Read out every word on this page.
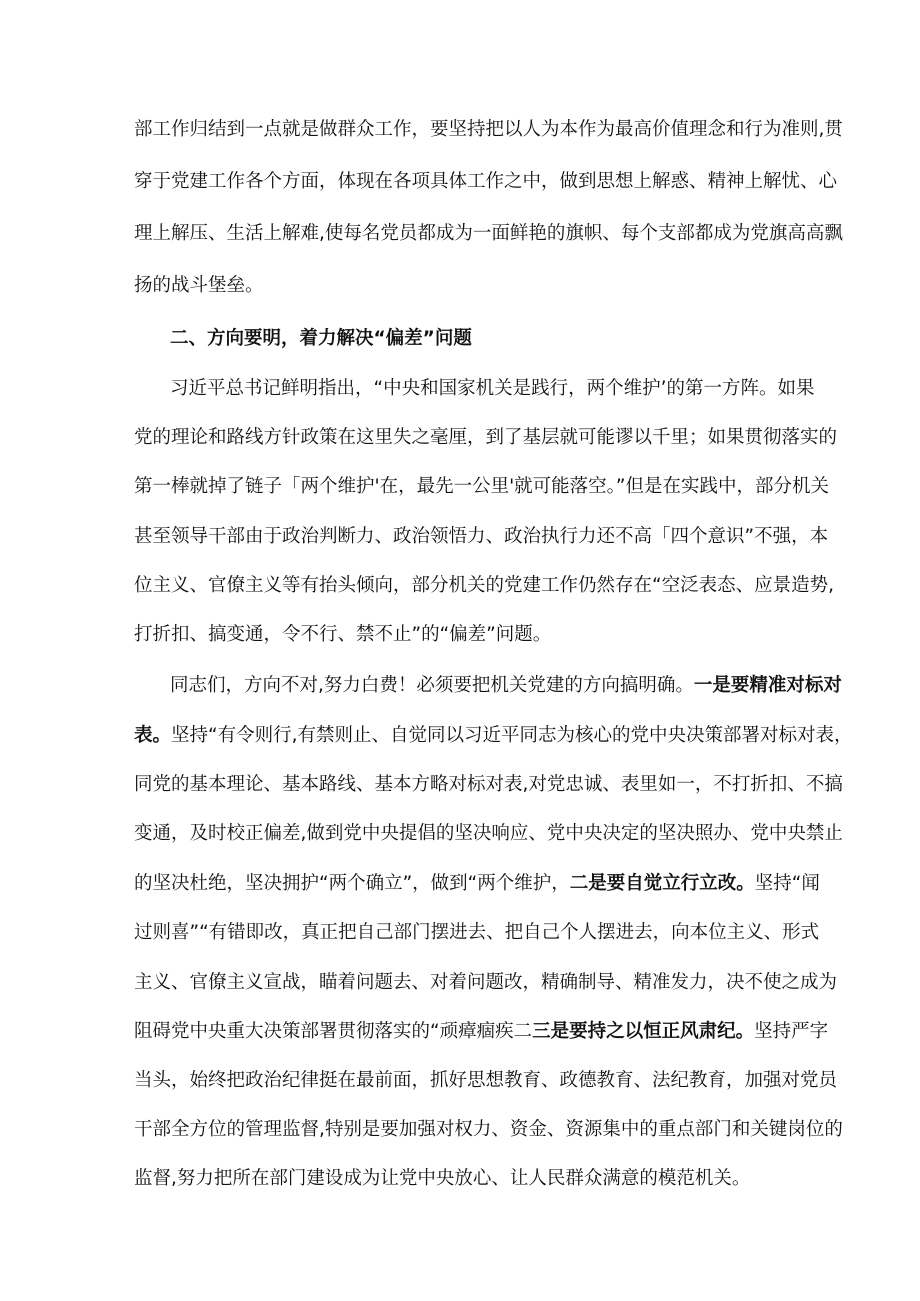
部工作归结到一点就是做群众工作，要坚持把以人为本作为最高价值理念和行为准则,贯
穿于党建工作各个方面，体现在各项具体工作之中，做到思想上解惑、精神上解忧、心
理上解压、生活上解难,使每名党员都成为一面鲜艳的旗帜、每个支部都成为党旗高高飘
扬的战斗堡垒。
二、方向要明，着力解决“偏差”问题
习近平总书记鲜明指出，“中央和国家机关是践行，两个维护’的第一方阵。如果
党的理论和路线方针政策在这里失之毫厘，到了基层就可能谬以千里；如果贯彻落实的
第一棒就掉了链子「两个维护'在，最先一公里'就可能落空。”但是在实践中，部分机关
甚至领导干部由于政治判断力、政治领悟力、政治执行力还不高「四个意识”不强，本
位主义、官僚主义等有抬头倾向，部分机关的党建工作仍然存在“空泛表态、应景造势,
打折扣、搞变通，令不行、禁不止”的“偏差”问题。
同志们，方向不对,努力白费！必须要把机关党建的方向搞明确。一是要精准对标对
表。坚持“有令则行,有禁则止、自觉同以习近平同志为核心的党中央决策部署对标对表，
同党的基本理论、基本路线、基本方略对标对表,对党忠诚、表里如一，不打折扣、不搞
变通，及时校正偏差,做到党中央提倡的坚决响应、党中央决定的坚决照办、党中央禁止
的坚决杜绝，坚决拥护“两个确立”，做到“两个维护，二是要自觉立行立改。坚持“闻
过则喜”“有错即改，真正把自己部门摆进去、把自己个人摆进去，向本位主义、形式
主义、官僚主义宣战，瞄着问题去、对着问题改，精确制导、精准发力，决不使之成为
阻碍党中央重大决策部署贯彻落实的“顽瘴痼疾二三是要持之以恒正风肃纪。坚持严字
当头，始终把政治纪律挺在最前面，抓好思想教育、政德教育、法纪教育，加强对党员
干部全方位的管理监督,特别是要加强对权力、资金、资源集中的重点部门和关键岗位的
监督,努力把所在部门建设成为让党中央放心、让人民群众满意的模范机关。
